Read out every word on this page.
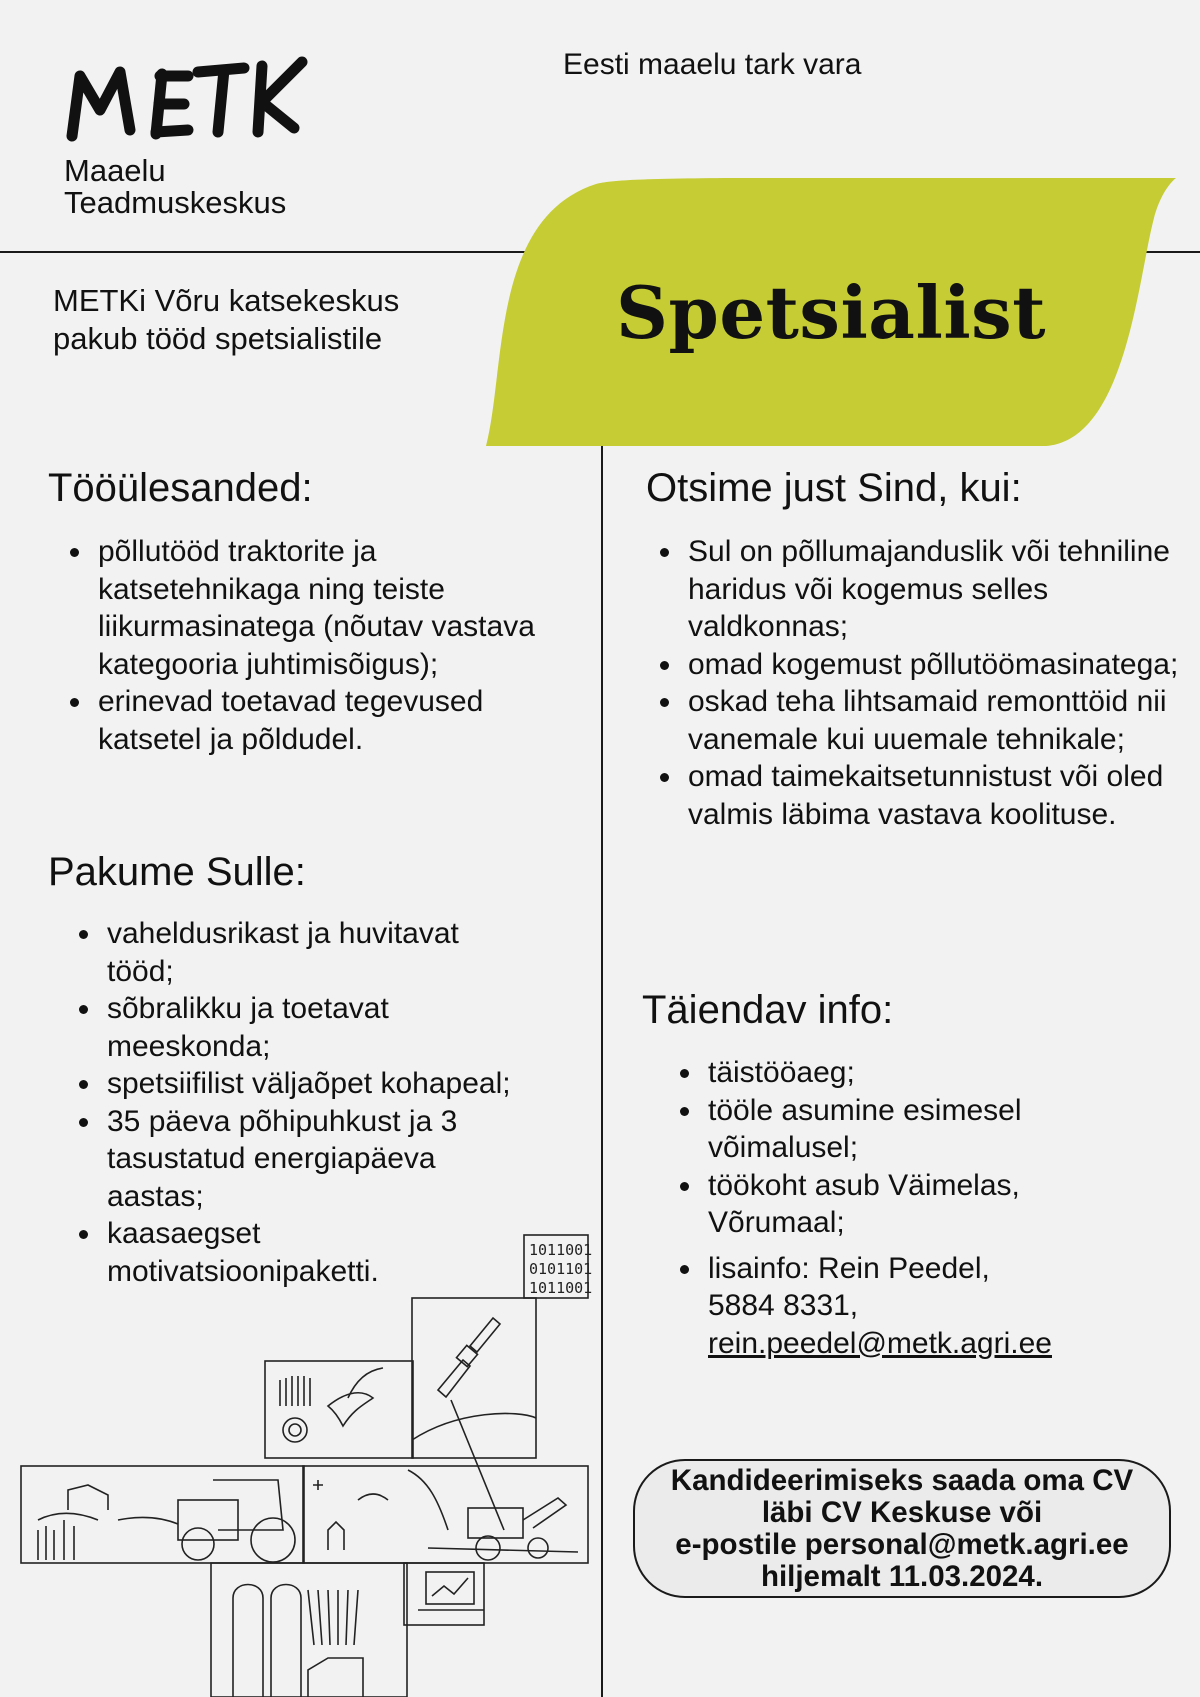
Maaelu
Teadmuskeskus
Eesti maaelu tark vara
Spetsialist
METKi Võru katsekeskus
pakub tööd spetsialistile
Tööülesanded:
põllutööd traktorite ja katsetehnikaga ning teiste liikurmasinatega (nõutav vastava kategooria juhtimisõigus);
erinevad toetavad tegevused katsetel ja põldudel.
Pakume Sulle:
vaheldusrikast ja huvitavat tööd;
sõbralikku ja toetavat meeskonda;
spetsiifilist väljaõpet kohapeal;
35 päeva põhipuhkust ja 3 tasustatud energiapäeva aastas;
kaasaegset motivatsioonipaketti.
Otsime just Sind, kui:
Sul on põllumajanduslik või tehniline haridus või kogemus selles valdkonnas;
omad kogemust põllutöömasinatega;
oskad teha lihtsamaid remonttöid nii vanemale kui uuemale tehnikale;
omad taimekaitsetunnistust või oled valmis läbima vastava koolituse.
Täiendav info:
täistööaeg;
tööle asumine esimesel võimalusel;
töökoht asub Väimelas, Võrumaal;
lisainfo: Rein Peedel,
5884 8331,
rein.peedel@metk.agri.ee
Kandideerimiseks saada oma CV
läbi CV Keskuse või
e-postile personal@metk.agri.ee
hiljemalt 11.03.2024.
1011001
0101101
1011001
